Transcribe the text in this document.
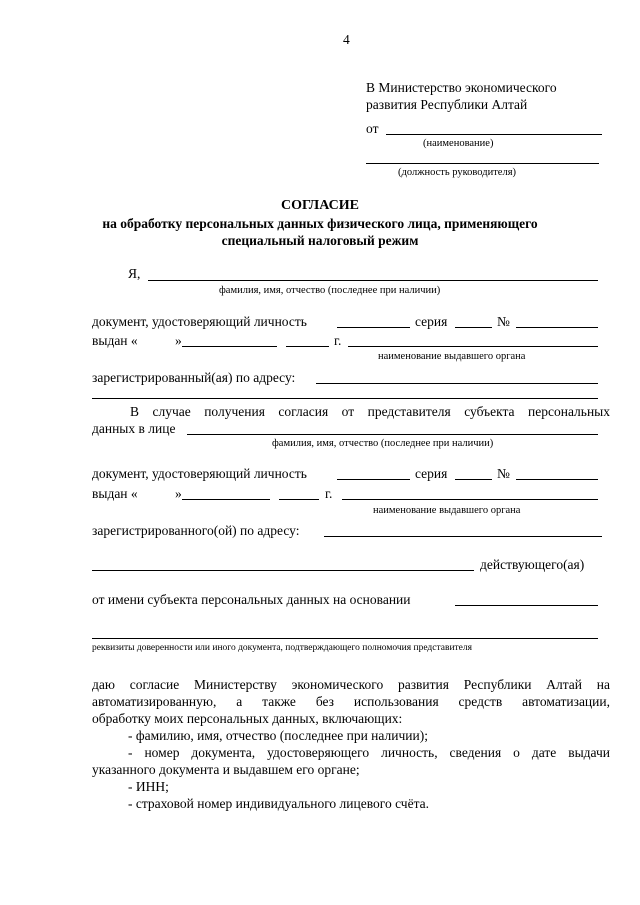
4
В Министерство экономического
развития Республики Алтай
от
(наименование)
(должность руководителя)
СОГЛАСИЕ
на обработку персональных данных физического лица, применяющего
специальный налоговый режим
Я,
фамилия, имя, отчество (последнее при наличии)
документ, удостоверяющий личность	серия	№
выдан «	»	г.
наименование выдавшего органа
зарегистрированный(ая) по адресу:
В случае получения согласия от представителя субъекта персональных
данных в лице
фамилия, имя, отчество (последнее при наличии)
документ, удостоверяющий личность	серия	№
выдан «	»	г.
наименование выдавшего органа
зарегистрированного(ой) по адресу:
действующего(ая)
от имени субъекта персональных данных на основании
реквизиты доверенности или иного документа, подтверждающего полномочия представителя
даю согласие Министерству экономического развития Республики Алтай на
автоматизированную, а также без использования средств автоматизации,
обработку моих персональных данных, включающих:
- фамилию, имя, отчество (последнее при наличии);
- номер документа, удостоверяющего личность, сведения о дате выдачи
указанного документа и выдавшем его органе;
- ИНН;
- страховой номер индивидуального лицевого счёта.
